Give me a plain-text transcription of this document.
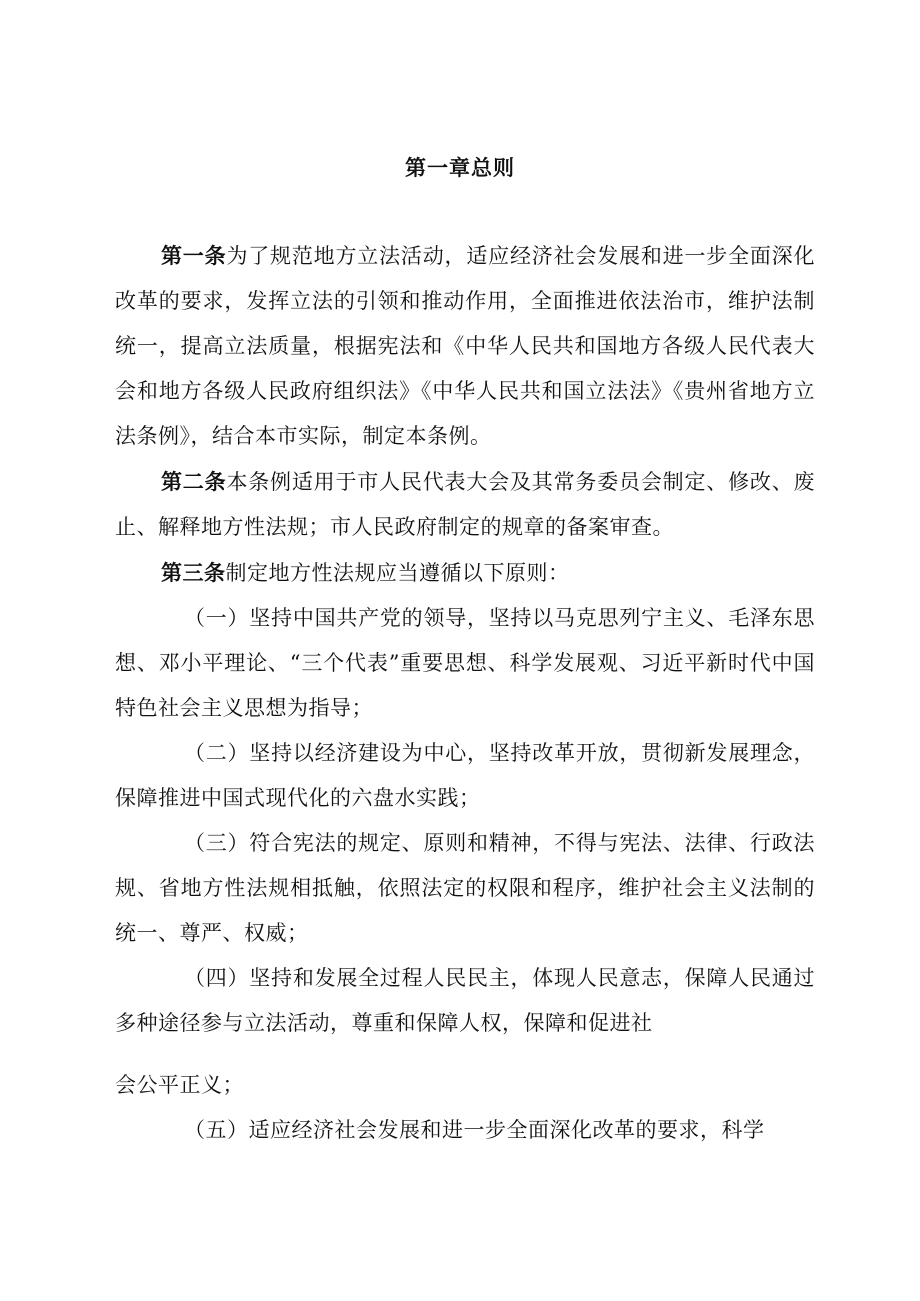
第一章总则

第一条为了规范地方立法活动，适应经济社会发展和进一步全面深化改革的要求，发挥立法的引领和推动作用，全面推进依法治市，维护法制统一，提高立法质量，根据宪法和《中华人民共和国地方各级人民代表大会和地方各级人民政府组织法》《中华人民共和国立法法》《贵州省地方立法条例》，结合本市实际，制定本条例。

第二条本条例适用于市人民代表大会及其常务委员会制定、修改、废止、解释地方性法规；市人民政府制定的规章的备案审查。

第三条制定地方性法规应当遵循以下原则：

（一）坚持中国共产党的领导，坚持以马克思列宁主义、毛泽东思想、邓小平理论、“三个代表”重要思想、科学发展观、习近平新时代中国特色社会主义思想为指导；

（二）坚持以经济建设为中心，坚持改革开放，贯彻新发展理念，保障推进中国式现代化的六盘水实践；

（三）符合宪法的规定、原则和精神，不得与宪法、法律、行政法规、省地方性法规相抵触，依照法定的权限和程序，维护社会主义法制的统一、尊严、权威；

（四）坚持和发展全过程人民民主，体现人民意志，保障人民通过多种途径参与立法活动，尊重和保障人权，保障和促进社

会公平正义；

（五）适应经济社会发展和进一步全面深化改革的要求，科学
